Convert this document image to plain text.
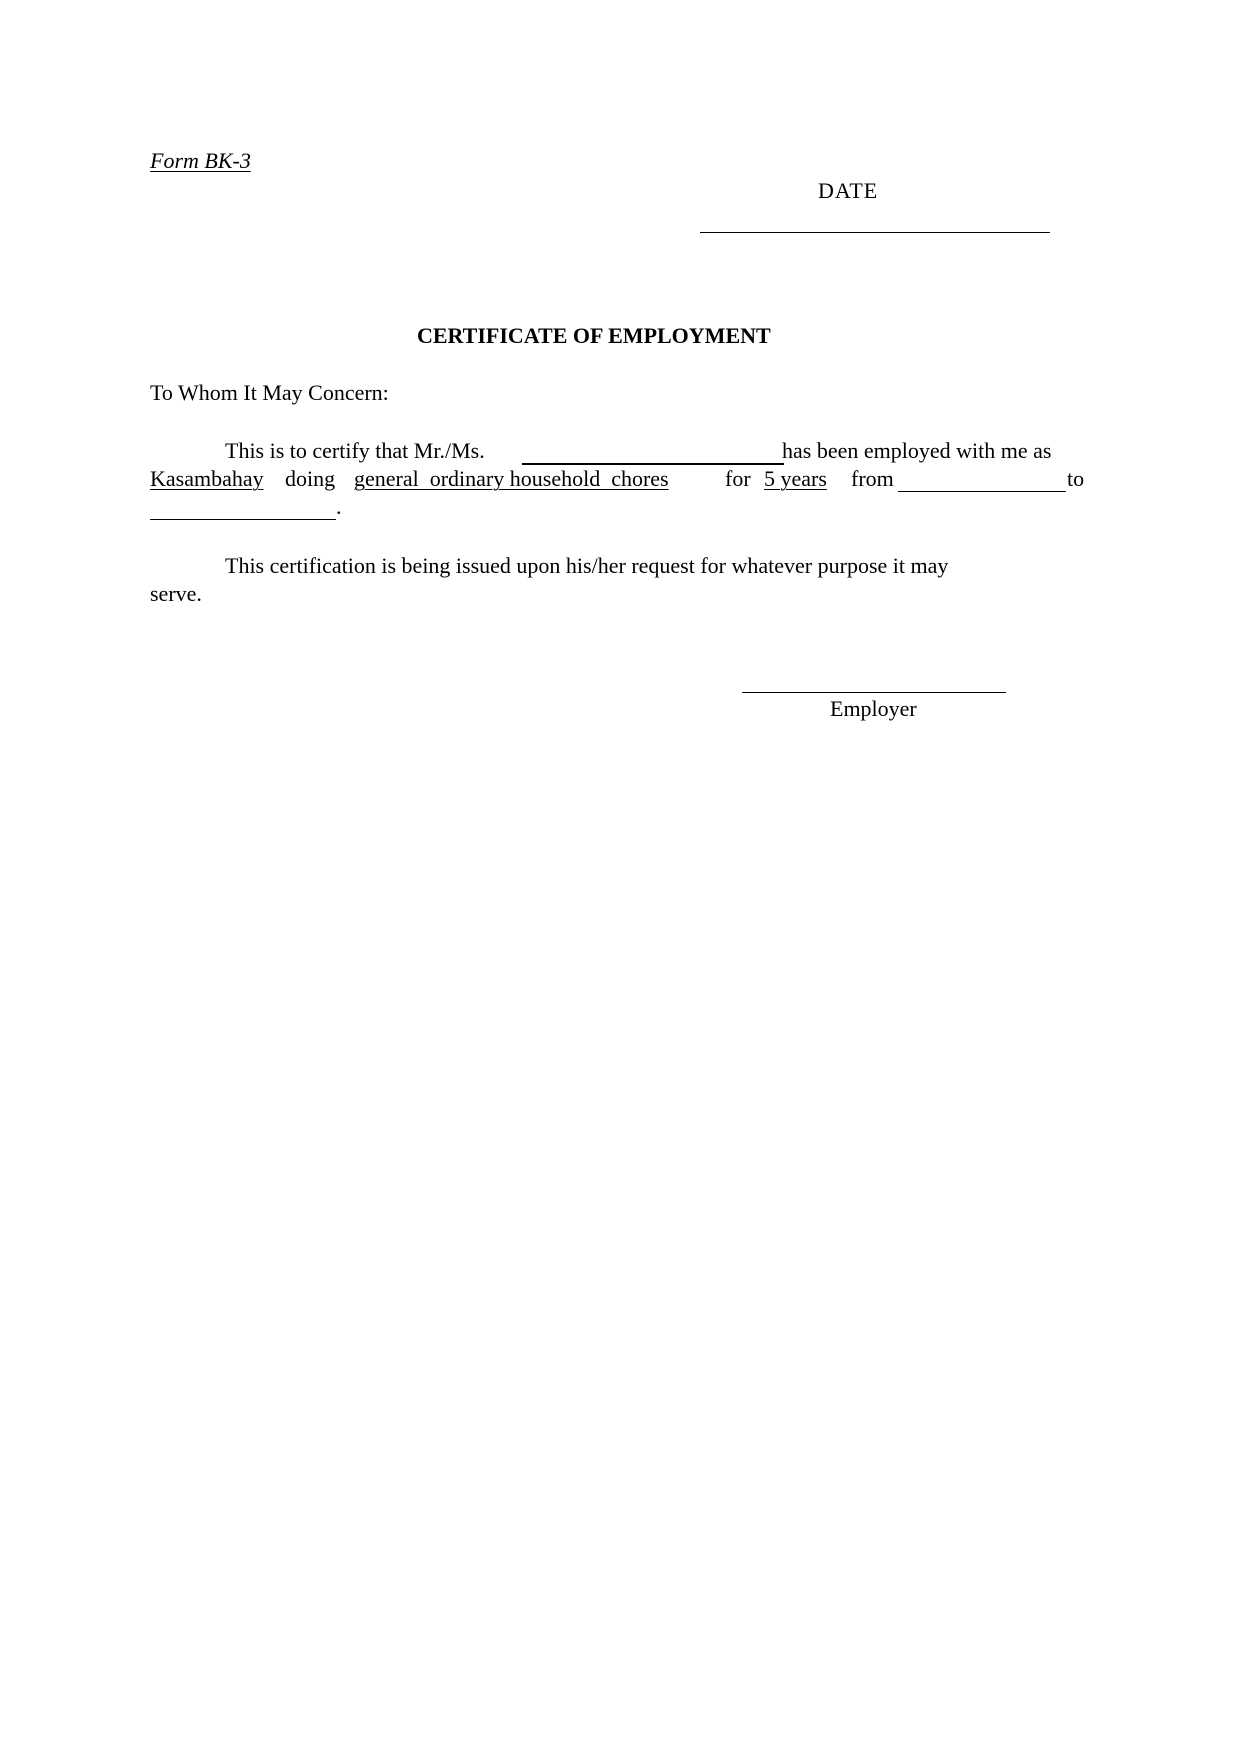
Form BK-3
DATE
CERTIFICATE OF EMPLOYMENT
To Whom It May Concern:
This is to certify that Mr./Ms.	has been employed with me as
Kasambahay doing general  ordinary household  chores	for 5 years from	to
.
This certification is being issued upon his/her request for whatever purpose it may
serve.
Employer
